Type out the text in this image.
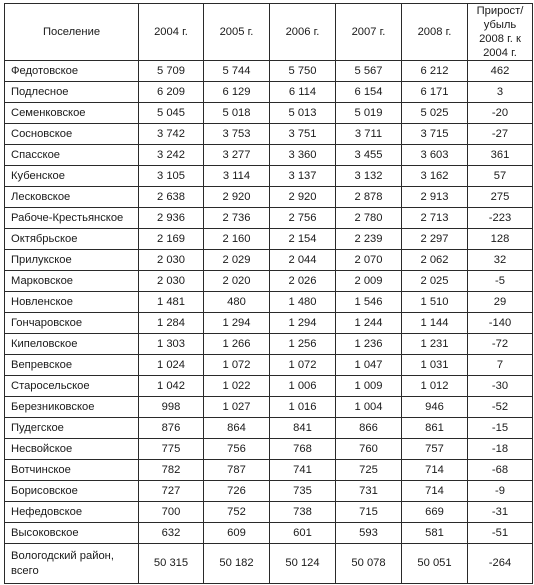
Поселение	2004 г.	2005 г.	2006 г.	2007 г.	2008 г.	Прирост/ убыль 2008 г. к 2004 г.
Федотовское	5 709	5 744	5 750	5 567	6 212	462
Подлесное	6 209	6 129	6 114	6 154	6 171	3
Семенковское	5 045	5 018	5 013	5 019	5 025	-20
Сосновское	3 742	3 753	3 751	3 711	3 715	-27
Спасское	3 242	3 277	3 360	3 455	3 603	361
Кубенское	3 105	3 114	3 137	3 132	3 162	57
Лесковское	2 638	2 920	2 920	2 878	2 913	275
Рабоче-Крестьянское	2 936	2 736	2 756	2 780	2 713	-223
Октябрьское	2 169	2 160	2 154	2 239	2 297	128
Прилукское	2 030	2 029	2 044	2 070	2 062	32
Марковское	2 030	2 020	2 026	2 009	2 025	-5
Новленское	1 481	480	1 480	1 546	1 510	29
Гончаровское	1 284	1 294	1 294	1 244	1 144	-140
Кипеловское	1 303	1 266	1 256	1 236	1 231	-72
Вепревское	1 024	1 072	1 072	1 047	1 031	7
Старосельское	1 042	1 022	1 006	1 009	1 012	-30
Березниковское	998	1 027	1 016	1 004	946	-52
Пудегское	876	864	841	866	861	-15
Несвойское	775	756	768	760	757	-18
Вотчинское	782	787	741	725	714	-68
Борисовское	727	726	735	731	714	-9
Нефедовское	700	752	738	715	669	-31
Высоковское	632	609	601	593	581	-51
Вологодский район, всего	50 315	50 182	50 124	50 078	50 051	-264
